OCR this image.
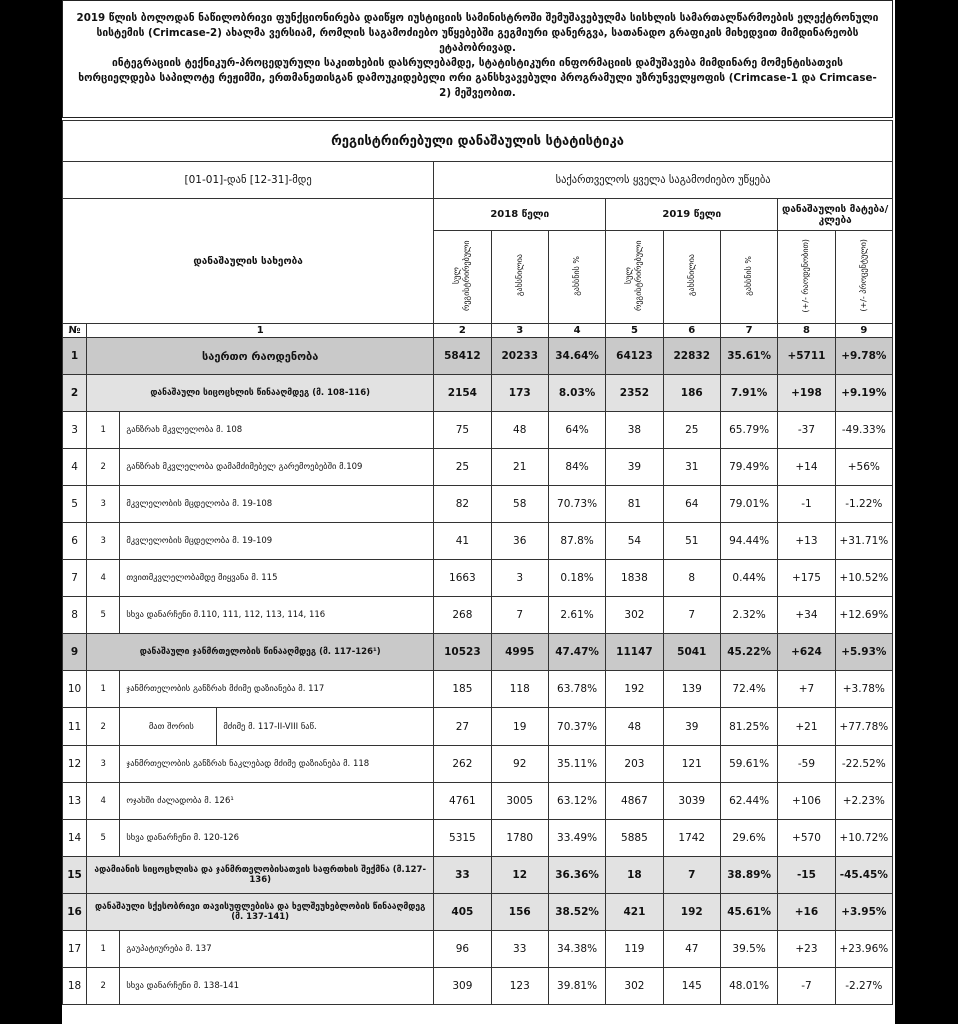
2019 წლის ბოლოდან ნაწილობრივი ფუნქციონირება დაიწყო იუსტიციის სამინისტროში შემუშავებულმა სისხლის სამართალწარმოების ელექტრონული სისტემის (Crimcase-2) ახალმა ვერსიამ, რომლის საგამოძიებო უწყებებში გეგმიური დანერგვა, სათანადო გრაფიკის მიხედვით მიმდინარეობს ეტაპობრივად.

ინტეგრაციის ტექნიკურ-პროცედურული საკითხების დასრულებამდე, სტატისტიკური ინფორმაციის დამუშავება მიმდინარე მომენტისათვის ხორციელდება საპილოტე რეჟიმში, ერთმანეთისგან დამოუკიდებელი ორი განსხვავებული პროგრამული უზრუნველყოფის (Crimcase-1 და Crimcase-2) მეშვეობით.

რეგისტრირებული დანაშაულის სტატისტიკა										
[01-01]-დან [12-31]-მდე			საქართველოს ყველა საგამოძიებო უწყება							
დანაშაულის სახეობა			2018 წელი			2019 წელი			დანაშაულის მატება/კლება	
			სულ რეგისტრირებული	გახსნილია	გახსნის %	სულ რეგისტრირებული	გახსნილია	გახსნის %	(+/- რაოდენობით)	(+/- პროცენტული)
№	1		2	3	4	5	6	7	8	9
1	საერთო რაოდენობა		58412	20233	34.64%	64123	22832	35.61%	+5711	+9.78%
2	დანაშაული სიცოცხლის წინააღმდეგ (მ. 108-116)		2154	173	8.03%	2352	186	7.91%	+198	+9.19%
3	1	განზრახ მკვლელობა მ. 108	75	48	64%	38	25	65.79%	-37	-49.33%
4	2	განზრახ მკვლელობა დამამძიმებელ გარემოებებში მ.109	25	21	84%	39	31	79.49%	+14	+56%
5	3	მკვლელობის მცდელობა მ. 19-108	82	58	70.73%	81	64	79.01%	-1	-1.22%
6	3	მკვლელობის მცდელობა მ. 19-109	41	36	87.8%	54	51	94.44%	+13	+31.71%
7	4	თვითმკვლელობამდე მიყვანა მ. 115	1663	3	0.18%	1838	8	0.44%	+175	+10.52%
8	5	სხვა დანარჩენი მ.110, 111, 112, 113, 114, 116	268	7	2.61%	302	7	2.32%	+34	+12.69%
9	დანაშაული ჯანმრთელობის წინააღმდეგ (მ. 117-126¹)		10523	4995	47.47%	11147	5041	45.22%	+624	+5.93%
10	1	ჯანმრთელობის განზრახ მძიმე დაზიანება მ. 117	185	118	63.78%	192	139	72.4%	+7	+3.78%
11	2	მათ შორის მძიმე მ. 117-II-VIII ნაწ.	27	19	70.37%	48	39	81.25%	+21	+77.78%
12	3	ჯანმრთელობის განზრახ ნაკლებად მძიმე დაზიანება მ. 118	262	92	35.11%	203	121	59.61%	-59	-22.52%
13	4	ოჯახში ძალადობა მ. 126¹	4761	3005	63.12%	4867	3039	62.44%	+106	+2.23%
14	5	სხვა დანარჩენი მ. 120-126	5315	1780	33.49%	5885	1742	29.6%	+570	+10.72%
15	ადამიანის სიცოცხლისა და ჯანმრთელობისათვის საფრთხის შექმნა (მ.127-136)		33	12	36.36%	18	7	38.89%	-15	-45.45%
16	დანაშაული სქესობრივი თავისუფლებისა და ხელშეუხებლობის წინააღმდეგ (მ. 137-141)		405	156	38.52%	421	192	45.61%	+16	+3.95%
17	1	გაუპატიურება მ. 137	96	33	34.38%	119	47	39.5%	+23	+23.96%
18	2	სხვა დანარჩენი მ. 138-141	309	123	39.81%	302	145	48.01%	-7	-2.27%
